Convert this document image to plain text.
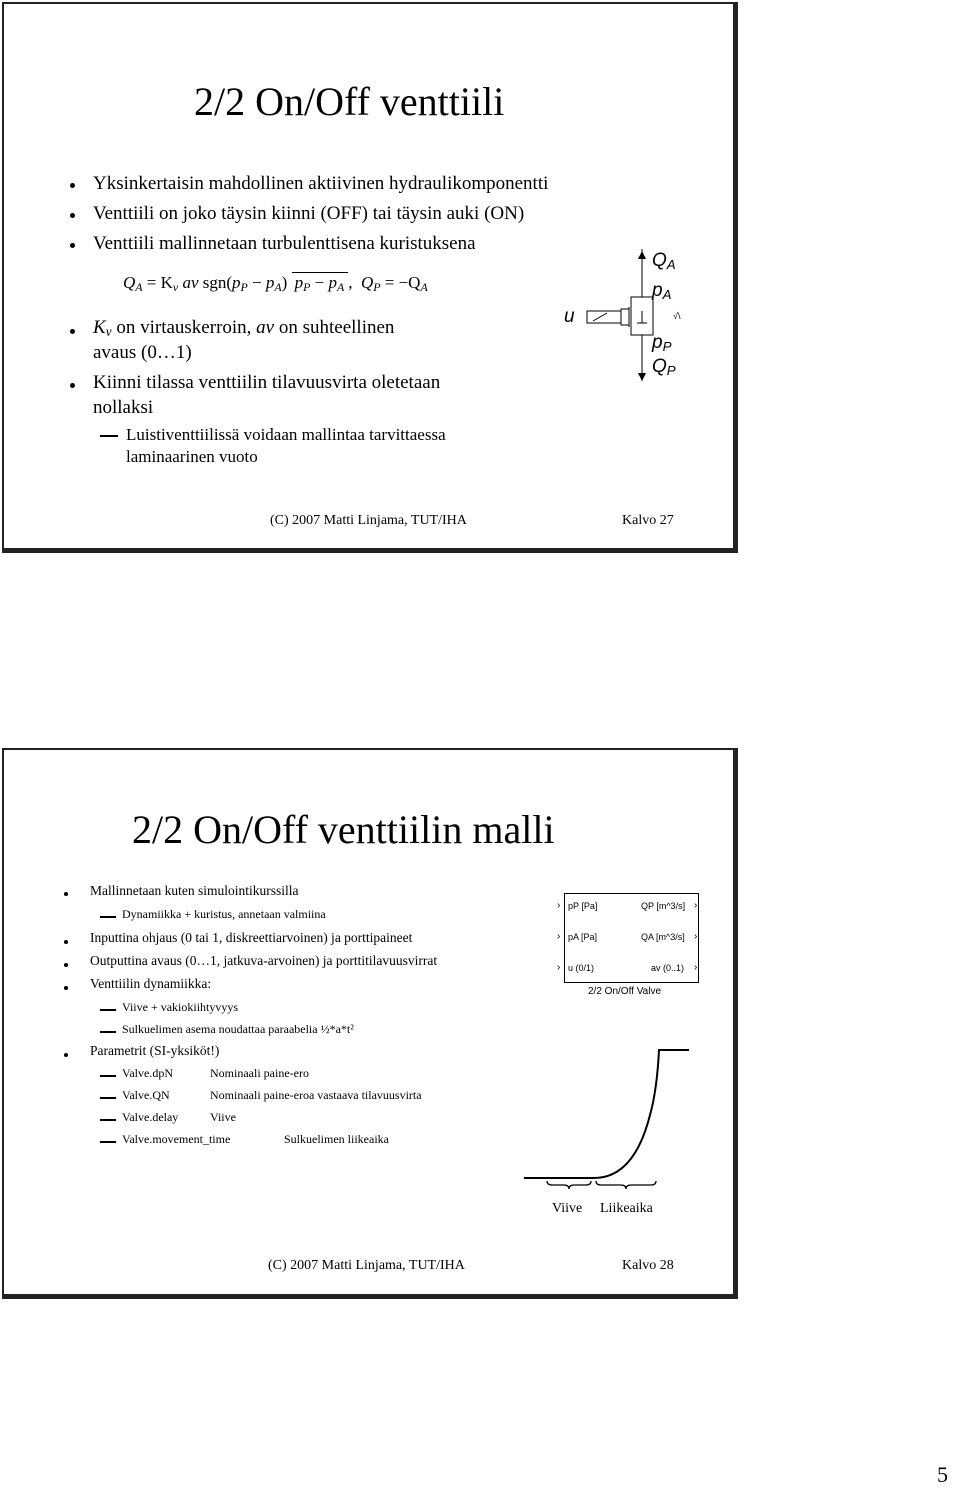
2/2 On/Off venttiili
Yksinkertaisin mahdollinen aktiivinen hydraulikomponentti
Venttiili on joko täysin kiinni (OFF) tai täysin auki (ON)
Venttiili mallinnetaan turbulenttisena kuristuksena
$Q_A = K_v$ av $sgn(p_P - p_A) p_P - p_A$ , $Q_P = -Q_A$
$K_v$ on virtauskerroin, av on suhteellinen
avaus (0…1)
Kiinni tilassa venttiilin tilavuusvirta oletetaan
nollaksi
Luistiventtiilissä voidaan mallintaa tarvittaessa
laminaarinen vuoto
√\
u
$Q_A$
$p_A$
$p_P$
$Q_P$
(C) 2007 Matti Linjama, TUT/IHA	Kalvo 27
2/2 On/Off venttiilin malli
Mallinnetaan kuten simulointikurssilla
Dynamiikka + kuristus, annetaan valmiina
Inputtina ohjaus (0 tai 1, diskreettiarvoinen) ja porttipaineet
Outputtina avaus (0…1, jatkuva-arvoinen) ja porttitilavuusvirrat
Venttiilin dynamiikka:
Viive + vakiokiihtyvyys
Sulkuelimen asema noudattaa paraabelia ½*a*t²
Parametrit (SI-yksiköt!)
Valve.dpN	Nominaali paine-ero
Valve.QN	Nominaali paine-eroa vastaava tilavuusvirta
Valve.delay	Viive
Valve.movement_time	Sulkuelimen liikeaika
›
›
›
›
›
›
pP [Pa]
pA [Pa]
u (0/1)
QP [m^3/s]
QA [m^3/s]
av (0..1)
2/2 On/Off Valve
Viive Liikeaika
(C) 2007 Matti Linjama, TUT/IHA	Kalvo 28
5
